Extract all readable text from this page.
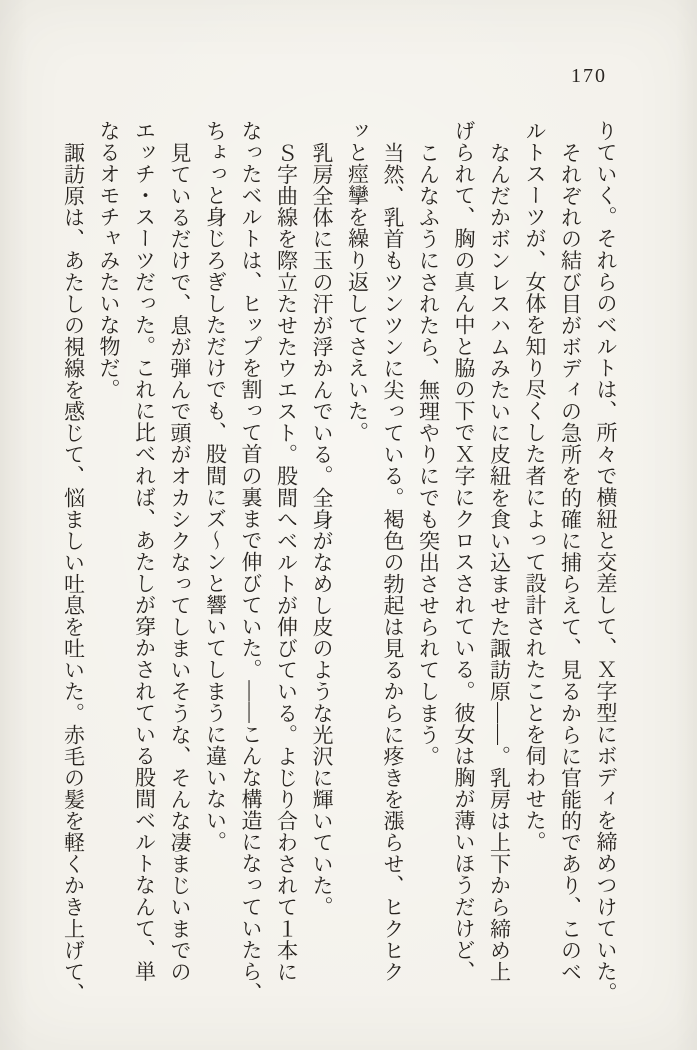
170
りていく。それらのベルトは、所々で横紐と交差して、Ｘ字型にボディを締めつけていた。
それぞれの結び目がボディの急所を的確に捕らえて、見るからに官能的であり、このベ
ルトスーツが、女体を知り尽くした者によって設計されたことを伺わせた。
なんだかボンレスハムみたいに皮紐を食い込ませた諏訪原――。乳房は上下から締め上
げられて、胸の真ん中と脇の下でＸ字にクロスされている。彼女は胸が薄いほうだけど、
こんなふうにされたら、無理やりにでも突出させられてしまう。
当然、乳首もツンツンに尖っている。褐色の勃起は見るからに疼きを漲らせ、ヒクヒク
ッと痙攣を繰り返してさえいた。
乳房全体に玉の汗が浮かんでいる。全身がなめし皮のような光沢に輝いていた。
Ｓ字曲線を際立たせたウエスト。股間へベルトが伸びている。よじり合わされて１本に
なったベルトは、ヒップを割って首の裏まで伸びていた。――こんな構造になっていたら、
ちょっと身じろぎしただけでも、股間にズ〜ンと響いてしまうに違いない。
見ているだけで、息が弾んで頭がオカシクなってしまいそうな、そんな凄まじいまでの
エッチ・スーツだった。これに比べれば、あたしが穿かされている股間ベルトなんて、単
なるオモチャみたいな物だ。
諏訪原は、あたしの視線を感じて、悩ましい吐息を吐いた。赤毛の髪を軽くかき上げて、
